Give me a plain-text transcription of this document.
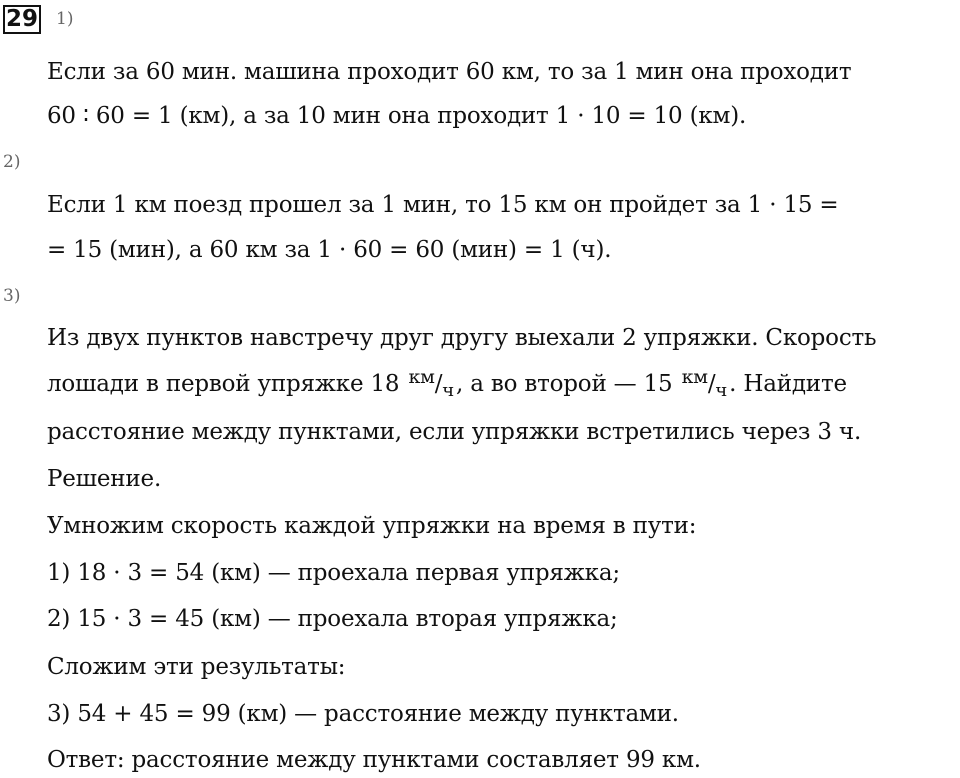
29 1)
Если за 60 мин. машина проходит 60 км, то за 1 мин она проходит
60 ∶ 60 = 1 (км), а за 10 мин она проходит 1 · 10 = 10 (км).
2)
Если 1 км поезд прошел за 1 мин, то 15 км он пройдет за 1 · 15 =
= 15 (мин), а 60 км за 1 · 60 = 60 (мин) = 1 (ч).
3)
Из двух пунктов навстречу друг другу выехали 2 упряжки. Скорость
лошади в первой упряжке 18 $^{км}/_ч$, а во второй — 15 $^{км}/_ч$. Найдите
расстояние между пунктами, если упряжки встретились через 3 ч.
Решение.
Умножим скорость каждой упряжки на время в пути:
1) 18 · 3 = 54 (км) — проехала первая упряжка;
2) 15 · 3 = 45 (км) — проехала вторая упряжка;
Сложим эти результаты:
3) 54 + 45 = 99 (км) — расстояние между пунктами.
Ответ: расстояние между пунктами составляет 99 км.
